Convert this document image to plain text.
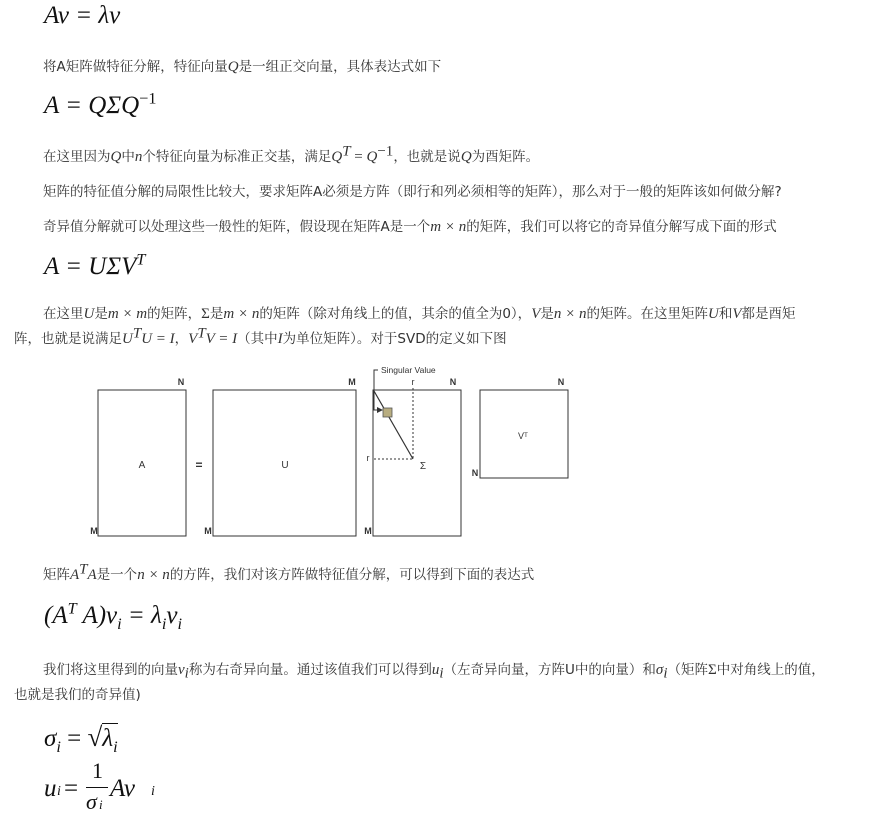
Av = λv
将A矩阵做特征分解，特征向量Q是一组正交向量，具体表达式如下
$A = Q\Sigma Q^{-1}$
在这里因为Q中n个特征向量为标准正交基，满足$Q^T = Q^{-1}$，也就是说Q为酉矩阵。
矩阵的特征值分解的局限性比较大，要求矩阵A必须是方阵（即行和列必须相等的矩阵），那么对于一般的矩阵该如何做分解?
奇异值分解就可以处理这些一般性的矩阵，假设现在矩阵A是一个m × n的矩阵，我们可以将它的奇异值分解写成下面的形式
$A = U\Sigma V^T$
在这里U是m × m的矩阵，Σ是m × n的矩阵（除对角线上的值，其余的值全为0），V是n × n的矩阵。在这里矩阵U和V都是酉矩
阵，也就是说满足$U^TU = I$，$V^TV = I$（其中I为单位矩阵）。对于SVD的定义如下图
A
N
M
=	U
M
M
Σ
r
r
N
M
Singular Value
Vᵀ
N
N
矩阵$A^TA$是一个n × n的方阵，我们对该方阵做特征值分解，可以得到下面的表达式
($A^T$ $A)v_i = \lambda_iv_i$
我们将这里得到的向量$v_i$称为右奇异向量。通过该值我们可以得到$u_i$（左奇异向量，方阵U中的向量）和$\sigma_i$（矩阵Σ中对角线上的值，
也就是我们的奇异值)
$\sigma_i = √\lambda_i$
u i =
1
σ i
Av i
